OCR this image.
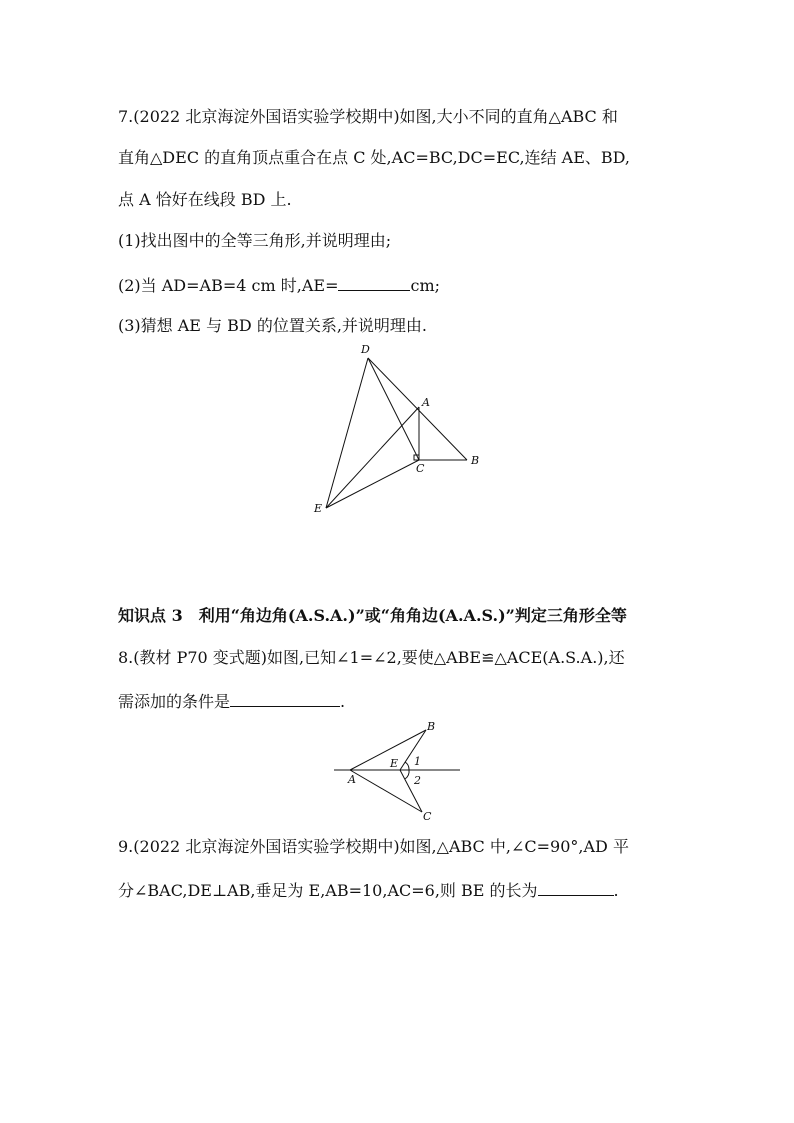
7.(2022 北京海淀外国语实验学校期中)如图,大小不同的直角△ABC 和
直角△DEC 的直角顶点重合在点 C 处,AC=BC,DC=EC,连结 AE、BD,
点 A 恰好在线段 BD 上.
(1)找出图中的全等三角形,并说明理由;
(2)当 AD=AB=4 cm 时,AE=	cm;
(3)猜想 AE 与 BD 的位置关系,并说明理由.
D
A
C
B
E
知识点 3　利用“角边角(A.S.A.)”或“角角边(A.A.S.)”判定三角形全等
8.(教材 P70 变式题)如图,已知∠1=∠2,要使△ABE≌△ACE(A.S.A.),还
需添加的条件是	.
B
E 1
A	2
C
9.(2022 北京海淀外国语实验学校期中)如图,△ABC 中,∠C=90°,AD 平
分∠BAC,DE⊥AB,垂足为 E,AB=10,AC=6,则 BE 的长为	.
